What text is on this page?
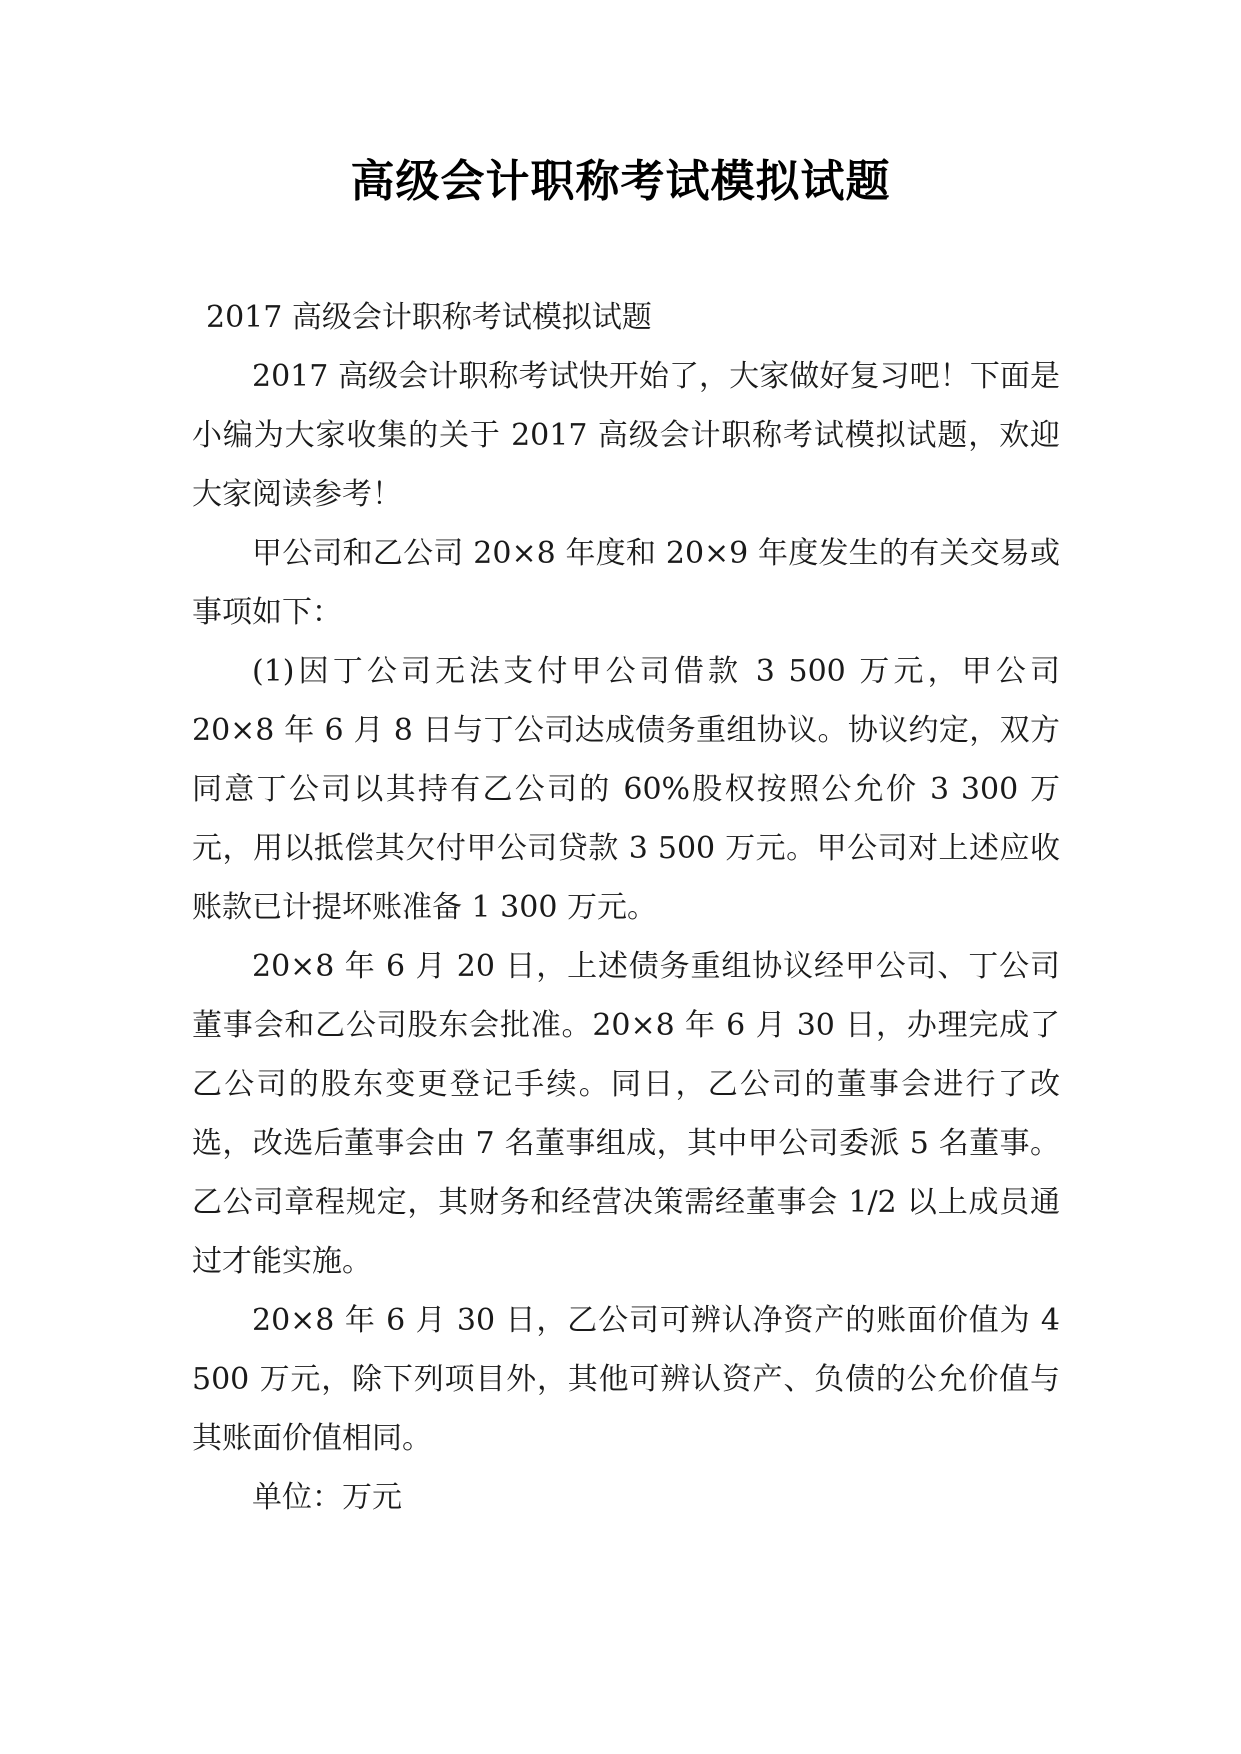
高级会计职称考试模拟试题

2017 高级会计职称考试模拟试题

2017 高级会计职称考试快开始了，大家做好复习吧！下面是小编为大家收集的关于 2017 高级会计职称考试模拟试题，欢迎大家阅读参考！

甲公司和乙公司 20×8 年度和 20×9 年度发生的有关交易或事项如下：

(1)因丁公司无法支付甲公司借款 3 500 万元，甲公司 20×8 年 6 月 8 日与丁公司达成债务重组协议。协议约定，双方同意丁公司以其持有乙公司的 60%股权按照公允价 3 300 万元，用以抵偿其欠付甲公司贷款 3 500 万元。甲公司对上述应收账款已计提坏账准备 1 300 万元。

20×8 年 6 月 20 日，上述债务重组协议经甲公司、丁公司董事会和乙公司股东会批准。20×8 年 6 月 30 日，办理完成了乙公司的股东变更登记手续。同日，乙公司的董事会进行了改选，改选后董事会由 7 名董事组成，其中甲公司委派 5 名董事。乙公司章程规定，其财务和经营决策需经董事会 1/2 以上成员通过才能实施。

20×8 年 6 月 30 日，乙公司可辨认净资产的账面价值为 4 500 万元，除下列项目外，其他可辨认资产、负债的公允价值与其账面价值相同。

单位：万元
